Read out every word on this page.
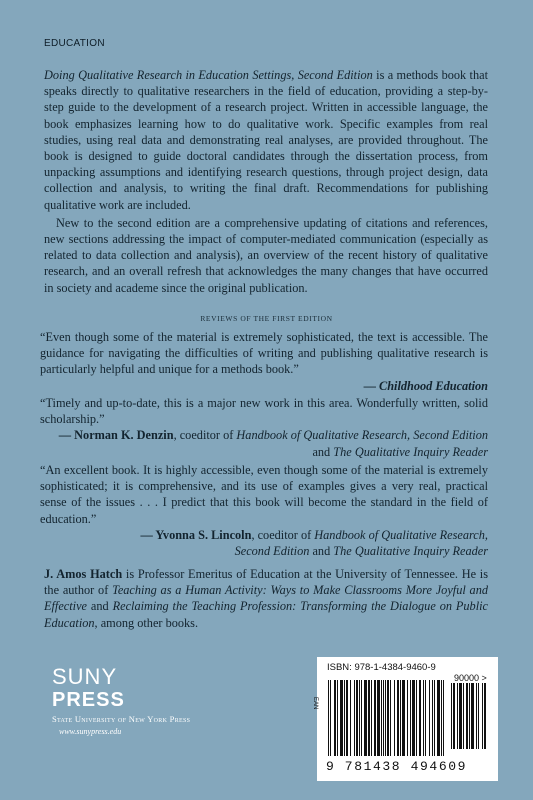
EDUCATION

Doing Qualitative Research in Education Settings, Second Edition is a methods book that speaks directly to qualitative researchers in the field of education, providing a step-by-step guide to the development of a research project. Written in accessible language, the book emphasizes learning how to do qualitative work. Specific examples from real studies, using real data and demonstrating real analyses, are provided throughout. The book is designed to guide doctoral candidates through the dissertation process, from unpacking assumptions and identifying research questions, through project design, data collection and analysis, to writing the final draft. Recommendations for publishing qualitative work are included.

New to the second edition are a comprehensive updating of citations and references, new sections addressing the impact of computer-mediated communication (especially as related to data collection and analysis), an overview of the recent history of qualitative research, and an overall refresh that acknowledges the many changes that have occurred in society and academe since the original publication.

REVIEWS OF THE FIRST EDITION

“Even though some of the material is extremely sophisticated, the text is accessible. The guidance for navigating the difficulties of writing and publishing qualitative research is particularly helpful and unique for a methods book.”

— Childhood Education

“Timely and up-to-date, this is a major new work in this area. Wonderfully written, solid scholarship.”

— Norman K. Denzin, coeditor of Handbook of Qualitative Research, Second Edition and The Qualitative Inquiry Reader

“An excellent book. It is highly accessible, even though some of the material is extremely sophisticated; it is comprehensive, and its use of examples gives a very real, practical sense of the issues . . . I predict that this book will become the standard in the field of education.”

— Yvonna S. Lincoln, coeditor of Handbook of Qualitative Research,
Second Edition and The Qualitative Inquiry Reader

J. Amos Hatch is Professor Emeritus of Education at the University of Tennessee. He is the author of Teaching as a Human Activity: Ways to Make Classrooms More Joyful and Effective and Reclaiming the Teaching Profession: Transforming the Dialogue on Public Education, among other books.

SUNY
PRESS
State University of New York Press
www.sunypress.edu
ISBN: 978-1-4384-9460-9
90000 >
EAN
9 781438 494609
